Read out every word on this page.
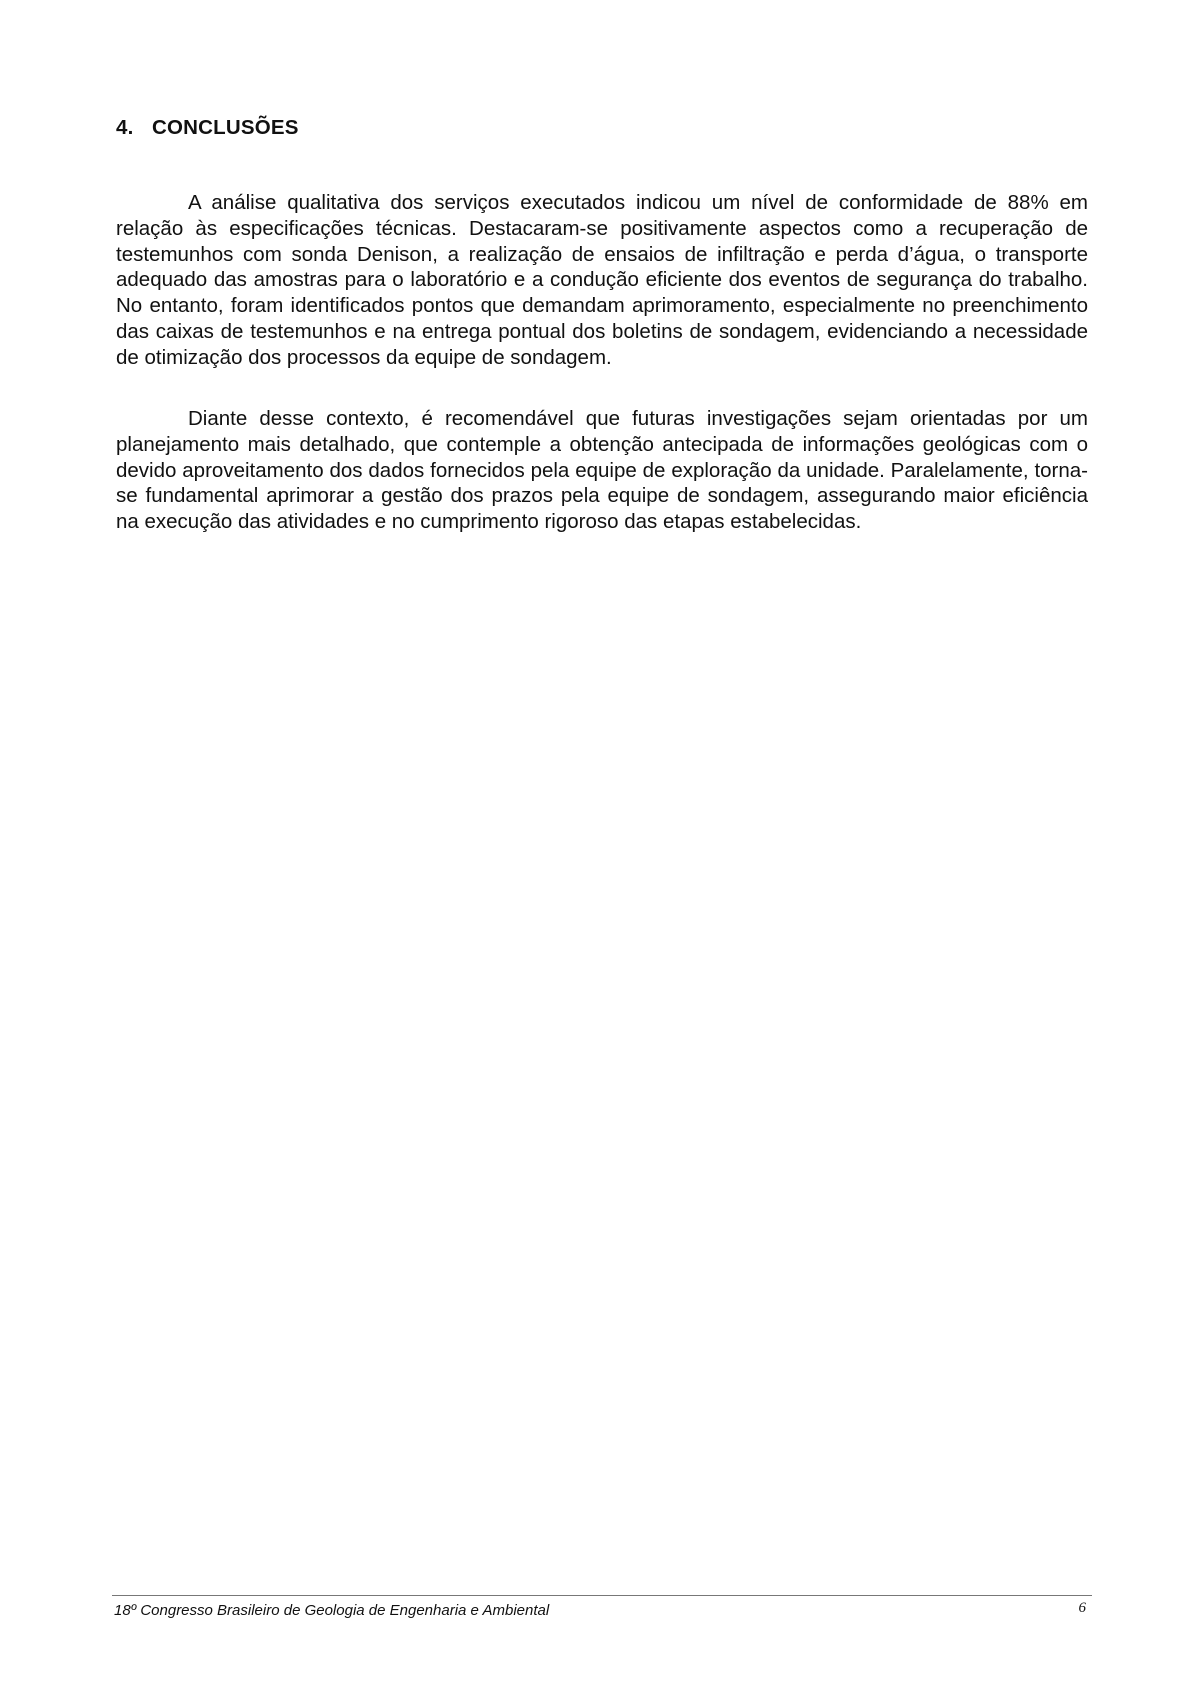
4. CONCLUSÕES

A análise qualitativa dos serviços executados indicou um nível de conformidade de 88% em relação às especificações técnicas. Destacaram-se positivamente aspectos como a recuperação de testemunhos com sonda Denison, a realização de ensaios de infiltração e perda d’água, o transporte adequado das amostras para o laboratório e a condução eficiente dos eventos de segurança do trabalho. No entanto, foram identificados pontos que demandam aprimoramento, especialmente no preenchimento das caixas de testemunhos e na entrega pontual dos boletins de sondagem, evidenciando a necessidade de otimização dos processos da equipe de sondagem.

Diante desse contexto, é recomendável que futuras investigações sejam orientadas por um planejamento mais detalhado, que contemple a obtenção antecipada de informações geológicas com o devido aproveitamento dos dados fornecidos pela equipe de exploração da unidade. Paralelamente, torna-se fundamental aprimorar a gestão dos prazos pela equipe de sondagem, assegurando maior eficiência na execução das atividades e no cumprimento rigoroso das etapas estabelecidas.

18º Congresso Brasileiro de Geologia de Engenharia e Ambiental	6
